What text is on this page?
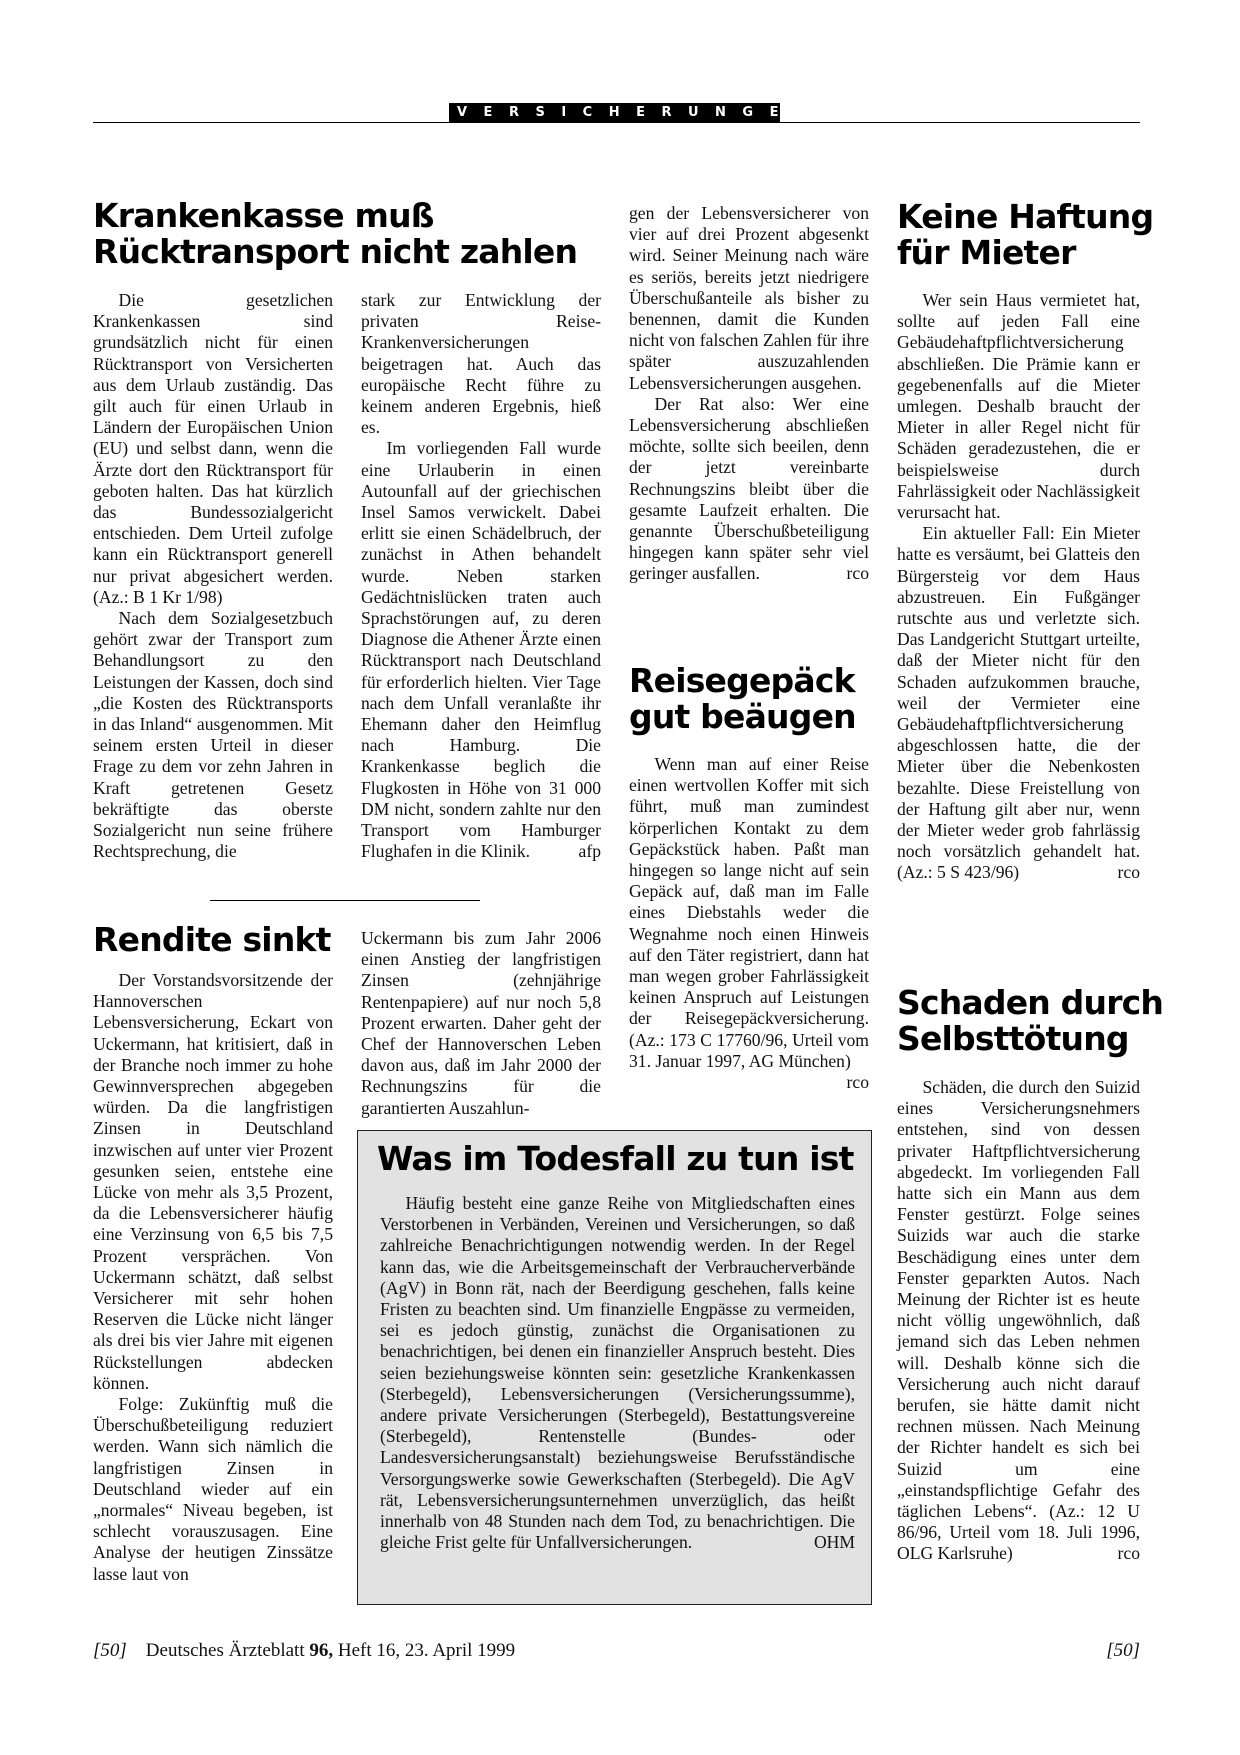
VERSICHERUNGEN
Krankenkasse muß
Rücktransport nicht zahlen

Die gesetzlichen Krankenkassen sind grundsätzlich nicht für einen Rücktransport von Versicherten aus dem Urlaub zuständig. Das gilt auch für einen Urlaub in Ländern der Europäischen Union (EU) und selbst dann, wenn die Ärzte dort den Rücktransport für geboten halten. Das hat kürzlich das Bundessozialgericht entschieden. Dem Urteil zufolge kann ein Rücktransport generell nur privat abgesichert werden. (Az.: B 1 Kr 1/98)

Nach dem Sozialgesetzbuch gehört zwar der Transport zum Behandlungsort zu den Leistungen der Kassen, doch sind „die Kosten des Rücktransports in das Inland“ ausgenommen. Mit seinem ersten Urteil in dieser Frage zu dem vor zehn Jahren in Kraft getretenen Gesetz bekräftigte das oberste Sozialgericht nun seine frühere Rechtsprechung, die

stark zur Entwicklung der privaten Reise-Krankenversicherungen beigetragen hat. Auch das europäische Recht führe zu keinem anderen Ergebnis, hieß es.

Im vorliegenden Fall wurde eine Urlauberin in einen Autounfall auf der griechischen Insel Samos verwickelt. Dabei erlitt sie einen Schädelbruch, der zunächst in Athen behandelt wurde. Neben starken Gedächtnislücken traten auch Sprachstörungen auf, zu deren Diagnose die Athener Ärzte einen Rücktransport nach Deutschland für erforderlich hielten. Vier Tage nach dem Unfall veranlaßte ihr Ehemann daher den Heimflug nach Hamburg. Die Krankenkasse beglich die Flugkosten in Höhe von 31 000 DM nicht, sondern zahlte nur den Transport vom Hamburger Flughafen in die Klinik.	afp

Rendite sinkt

Der Vorstandsvorsitzende der Hannoverschen Lebensversicherung, Eckart von Uckermann, hat kritisiert, daß in der Branche noch immer zu hohe Gewinnversprechen abgegeben würden. Da die langfristigen Zinsen in Deutschland inzwischen auf unter vier Prozent gesunken seien, entstehe eine Lücke von mehr als 3,5 Prozent, da die Lebensversicherer häufig eine Verzinsung von 6,5 bis 7,5 Prozent versprächen. Von Uckermann schätzt, daß selbst Versicherer mit sehr hohen Reserven die Lücke nicht länger als drei bis vier Jahre mit eigenen Rückstellungen abdecken können.

Folge: Zukünftig muß die Überschußbeteiligung reduziert werden. Wann sich nämlich die langfristigen Zinsen in Deutschland wieder auf ein „normales“ Niveau begeben, ist schlecht vorauszusagen. Eine Analyse der heutigen Zinssätze lasse laut von

Uckermann bis zum Jahr 2006 einen Anstieg der langfristigen Zinsen (zehnjährige Rentenpapiere) auf nur noch 5,8 Prozent erwarten. Daher geht der Chef der Hannoverschen Leben davon aus, daß im Jahr 2000 der Rechnungszins für die garantierten Auszahlun-

gen der Lebensversicherer von vier auf drei Prozent abgesenkt wird. Seiner Meinung nach wäre es seriös, bereits jetzt niedrigere Überschußanteile als bisher zu benennen, damit die Kunden nicht von falschen Zahlen für ihre später auszuzahlenden Lebensversicherungen ausgehen.

Der Rat also: Wer eine Lebensversicherung abschließen möchte, sollte sich beeilen, denn der jetzt vereinbarte Rechnungszins bleibt über die gesamte Laufzeit erhalten. Die genannte Überschußbeteiligung hingegen kann später sehr viel geringer ausfallen.	rco

Reisegepäck
gut beäugen

Wenn man auf einer Reise einen wertvollen Koffer mit sich führt, muß man zumindest körperlichen Kontakt zu dem Gepäckstück haben. Paßt man hingegen so lange nicht auf sein Gepäck auf, daß man im Falle eines Diebstahls weder die Wegnahme noch einen Hinweis auf den Täter registriert, dann hat man wegen grober Fahrlässigkeit keinen Anspruch auf Leistungen der Reisegepäckversicherung. (Az.: 173 C 17760/96, Urteil vom 31. Januar 1997, AG München)
rco

Keine Haftung
für Mieter

Wer sein Haus vermietet hat, sollte auf jeden Fall eine Gebäudehaftpflichtversicherung abschließen. Die Prämie kann er gegebenenfalls auf die Mieter umlegen. Deshalb braucht der Mieter in aller Regel nicht für Schäden geradezustehen, die er beispielsweise durch Fahrlässigkeit oder Nachlässigkeit verursacht hat.

Ein aktueller Fall: Ein Mieter hatte es versäumt, bei Glatteis den Bürgersteig vor dem Haus abzustreuen. Ein Fußgänger rutschte aus und verletzte sich. Das Landgericht Stuttgart urteilte, daß der Mieter nicht für den Schaden aufzukommen brauche, weil der Vermieter eine Gebäudehaftpflichtversicherung abgeschlossen hatte, die der Mieter über die Nebenkosten bezahlte. Diese Freistellung von der Haftung gilt aber nur, wenn der Mieter weder grob fahrlässig noch vorsätzlich gehandelt hat. (Az.: 5 S 423/96)	rco

Schaden durch
Selbsttötung

Schäden, die durch den Suizid eines Versicherungsnehmers entstehen, sind von dessen privater Haftpflichtversicherung abgedeckt. Im vorliegenden Fall hatte sich ein Mann aus dem Fenster gestürzt. Folge seines Suizids war auch die starke Beschädigung eines unter dem Fenster geparkten Autos. Nach Meinung der Richter ist es heute nicht völlig ungewöhnlich, daß jemand sich das Leben nehmen will. Deshalb könne sich die Versicherung auch nicht darauf berufen, sie hätte damit nicht rechnen müssen. Nach Meinung der Richter handelt es sich bei Suizid um eine „einstandspflichtige Gefahr des täglichen Lebens“. (Az.: 12 U 86/96, Urteil vom 18. Juli 1996, OLG Karlsruhe)	rco

Was im Todesfall zu tun ist

Häufig besteht eine ganze Reihe von Mitgliedschaften eines Verstorbenen in Verbänden, Vereinen und Versicherungen, so daß zahlreiche Benachrichtigungen notwendig werden. In der Regel kann das, wie die Arbeitsgemeinschaft der Verbraucherverbände (AgV) in Bonn rät, nach der Beerdigung geschehen, falls keine Fristen zu beachten sind. Um finanzielle Engpässe zu vermeiden, sei es jedoch günstig, zunächst die Organisationen zu benachrichtigen, bei denen ein finanzieller Anspruch besteht. Dies seien beziehungsweise könnten sein: gesetzliche Krankenkassen (Sterbegeld), Lebensversicherungen (Versicherungssumme), andere private Versicherungen (Sterbegeld), Bestattungsvereine (Sterbegeld), Rentenstelle (Bundes- oder Landesversicherungsanstalt) beziehungsweise Berufsständische Versorgungswerke sowie Gewerkschaften (Sterbegeld). Die AgV rät, Lebensversicherungsunternehmen unverzüglich, das heißt innerhalb von 48 Stunden nach dem Tod, zu benachrichtigen. Die gleiche Frist gelte für Unfallversicherungen.	OHM

[50] Deutsches Ärzteblatt 96, Heft 16, 23. April 1999	[50]
